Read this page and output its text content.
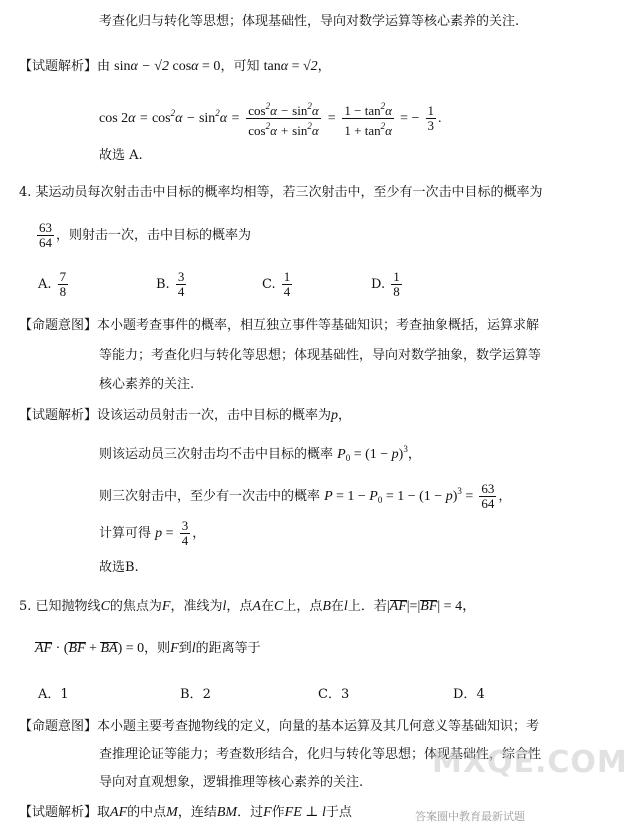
考查化归与转化等思想；体现基础性，导向对数学运算等核心素养的关注.
【试题解析】由 sinα − √2 cosα = 0，可知 tanα = √2，
$\cos 2\alpha = \cos^2\alpha - \sin^2\alpha = \frac{\cos^2\alpha - \sin^2\alpha}{\cos^2\alpha + \sin^2\alpha} = \frac{1 - \tan^2\alpha}{1 + \tan^2\alpha}$ = − $\frac{1}{3}$ .
故选 A.
4. 某运动员每次射击击中目标的概率均相等，若三次射击中，至少有一次击中目标的概率为
$\frac{63}{64}$ ，则射击一次，击中目标的概率为
A. $\frac{7}{8}$	B. $\frac{3}{4}$	C. $\frac{1}{4}$	D. $\frac{1}{8}$
【命题意图】本小题考查事件的概率，相互独立事件等基础知识；考查抽象概括，运算求解
等能力；考查化归与转化等思想；体现基础性，导向对数学抽象，数学运算等
核心素养的关注.
【试题解析】设该运动员射击一次，击中目标的概率为p，
则该运动员三次射击均不击中目标的概率 $P_0 = (1 - p)^3$，
则三次射击中，至少有一次击中的概率 $P = 1 - P_0 = 1 - (1 - p)^3 = \frac{63}{64}$ ，
计算可得 $p = \frac{3}{4}$ ，
故选B.
5. 已知抛物线C的焦点为F，准线为l，点A在C上，点B在l上．若|AF|=|BF| = 4，
AF · (BF + BA) = 0，则F到l的距离等于
A．1	B．2	C．3	D．4
【命题意图】本小题主要考查抛物线的定义，向量的基本运算及其几何意义等基础知识；考
查推理论证等能力；考查数形结合，化归与转化等思想；体现基础性，综合性
导向对直观想象，逻辑推理等核心素养的关注.
【试题解析】取AF的中点M，连结BM．过F作FE ⊥ l于点
MXQE.COM
答案圈中教育最新试题
